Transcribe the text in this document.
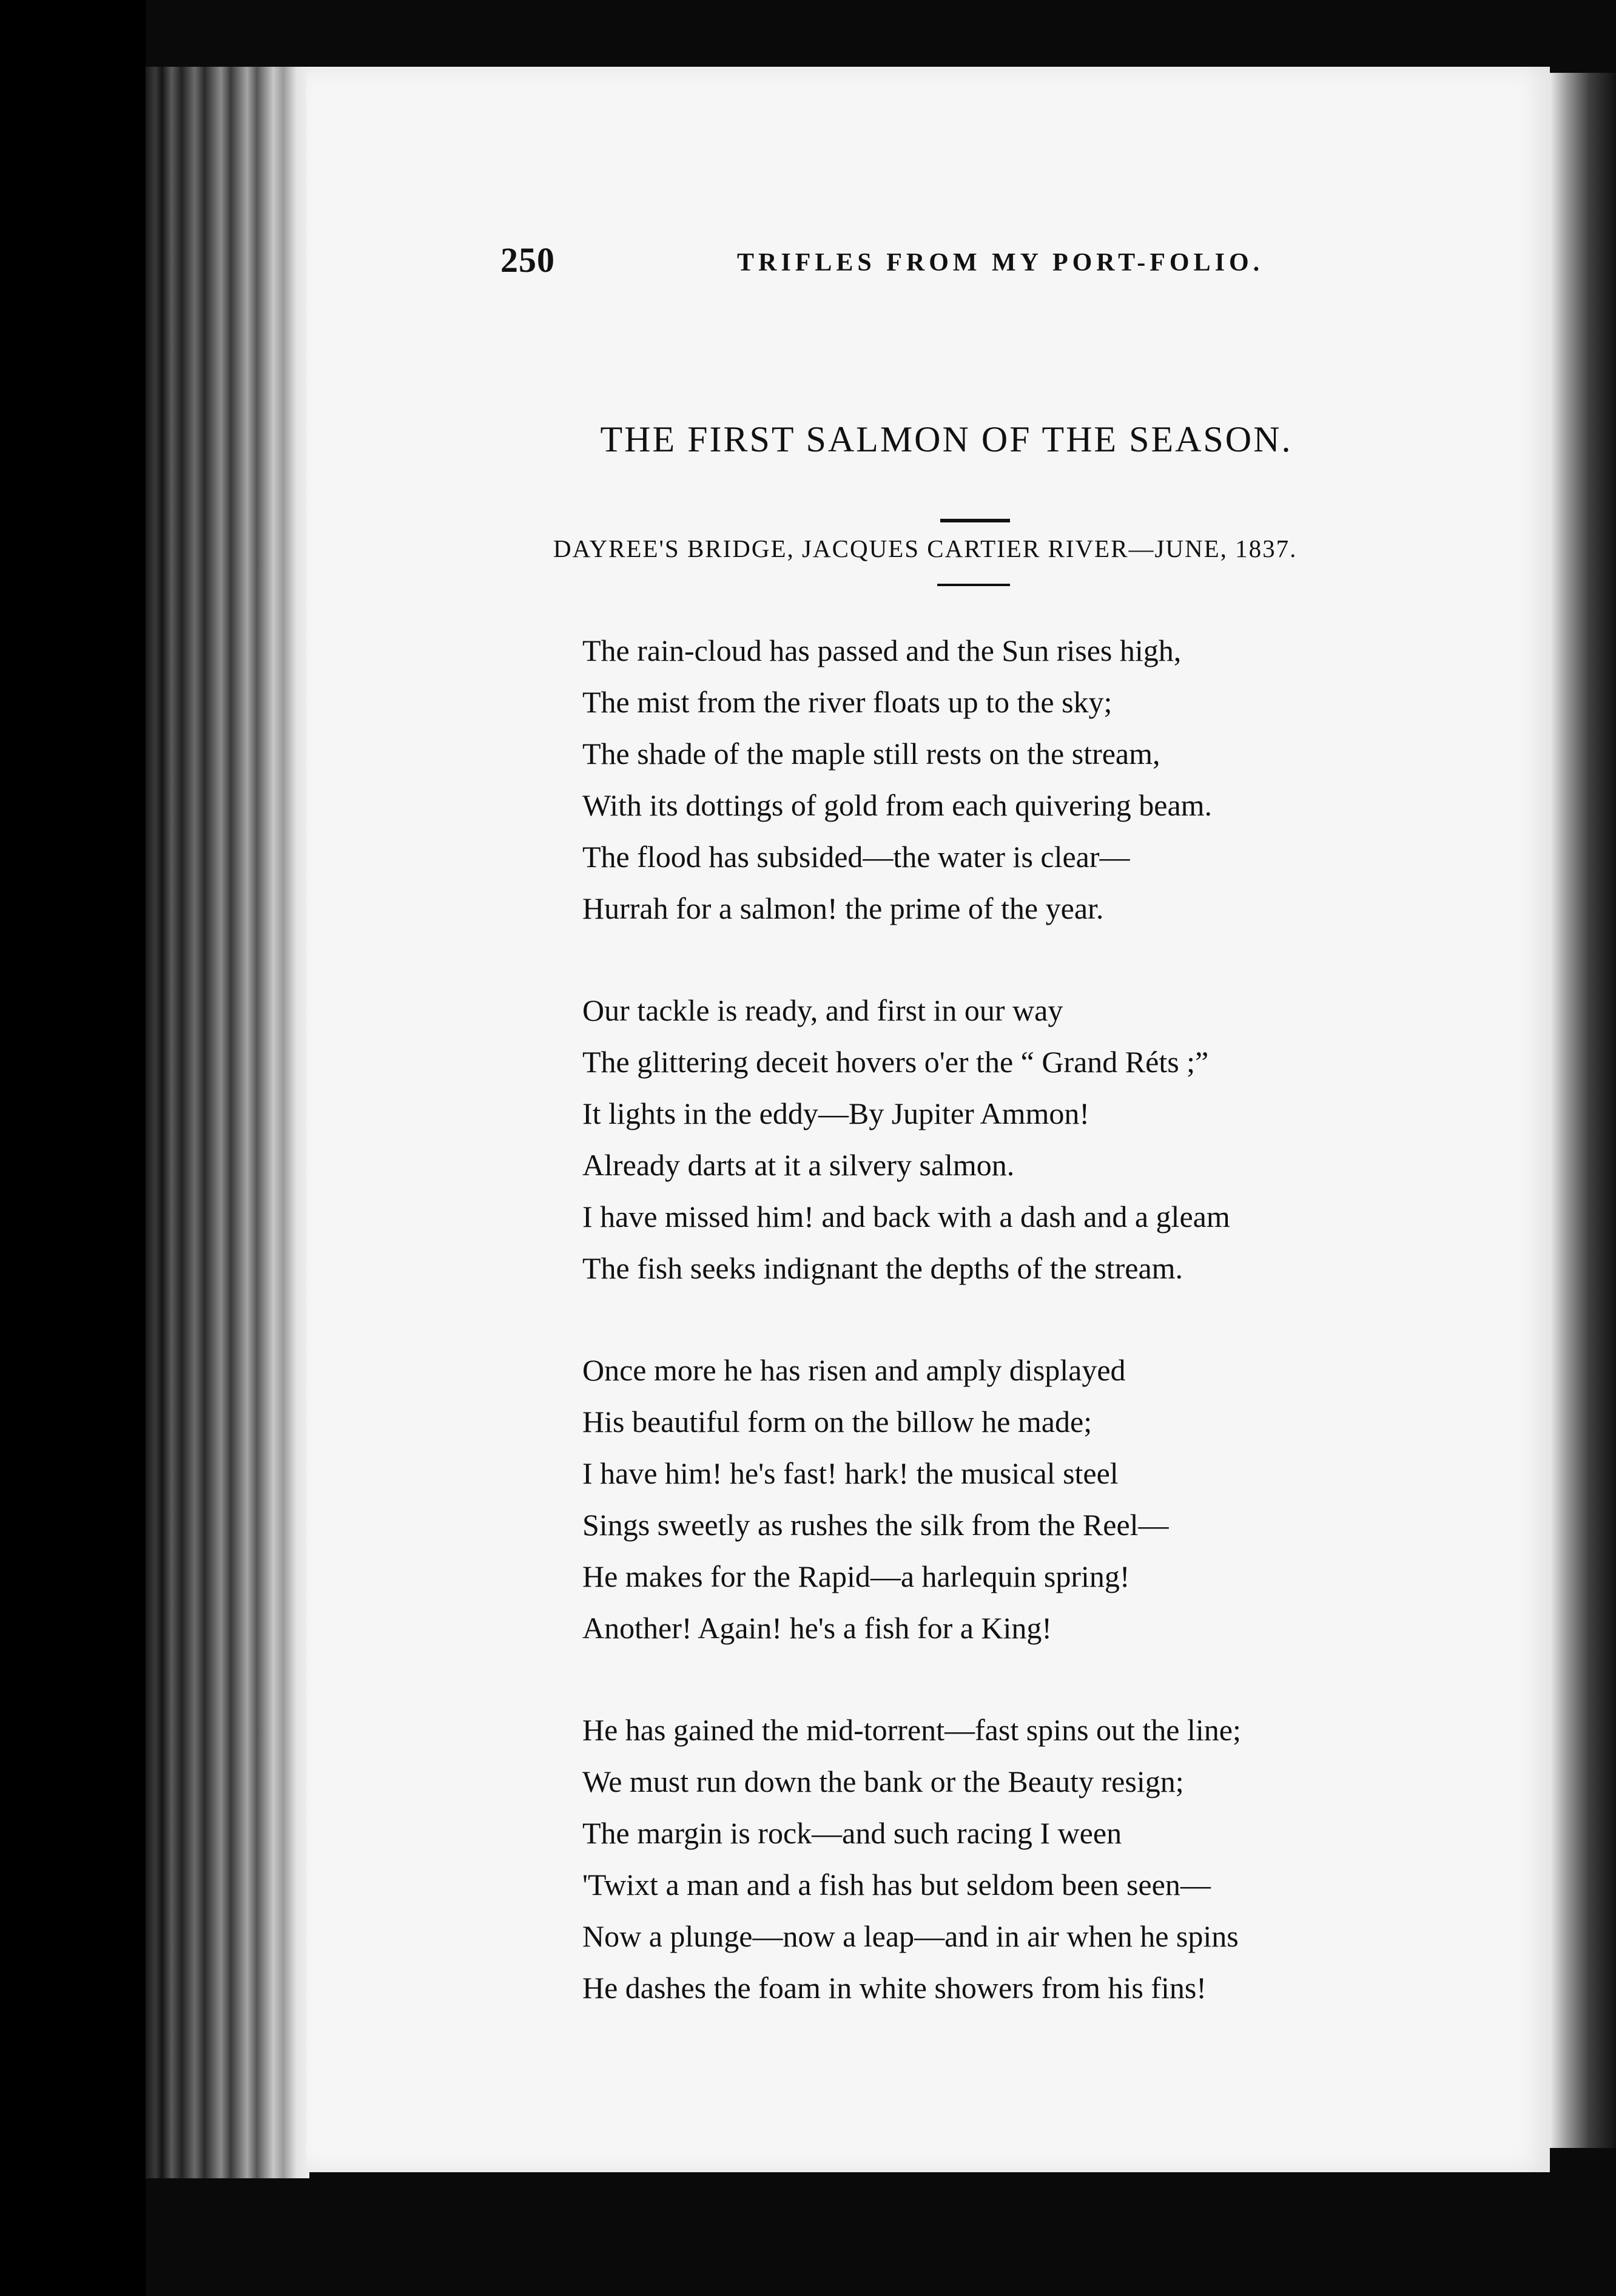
250	TRIFLES FROM MY PORT-FOLIO.
THE FIRST SALMON OF THE SEASON.
DAYREE'S BRIDGE, JACQUES CARTIER RIVER—JUNE, 1837.
The rain-cloud has passed and the Sun rises high,
The mist from the river floats up to the sky;
The shade of the maple still rests on the stream,
With its dottings of gold from each quivering beam.
The flood has subsided—the water is clear—
Hurrah for a salmon! the prime of the year.
Our tackle is ready, and first in our way
The glittering deceit hovers o'er the “ Grand Réts ;”
It lights in the eddy—By Jupiter Ammon!
Already darts at it a silvery salmon.
I have missed him! and back with a dash and a gleam
The fish seeks indignant the depths of the stream.
Once more he has risen and amply displayed
His beautiful form on the billow he made;
I have him! he's fast! hark! the musical steel
Sings sweetly as rushes the silk from the Reel—
He makes for the Rapid—a harlequin spring!
Another! Again! he's a fish for a King!
He has gained the mid-torrent—fast spins out the line;
We must run down the bank or the Beauty resign;
The margin is rock—and such racing I ween
'Twixt a man and a fish has but seldom been seen—
Now a plunge—now a leap—and in air when he spins
He dashes the foam in white showers from his fins!
